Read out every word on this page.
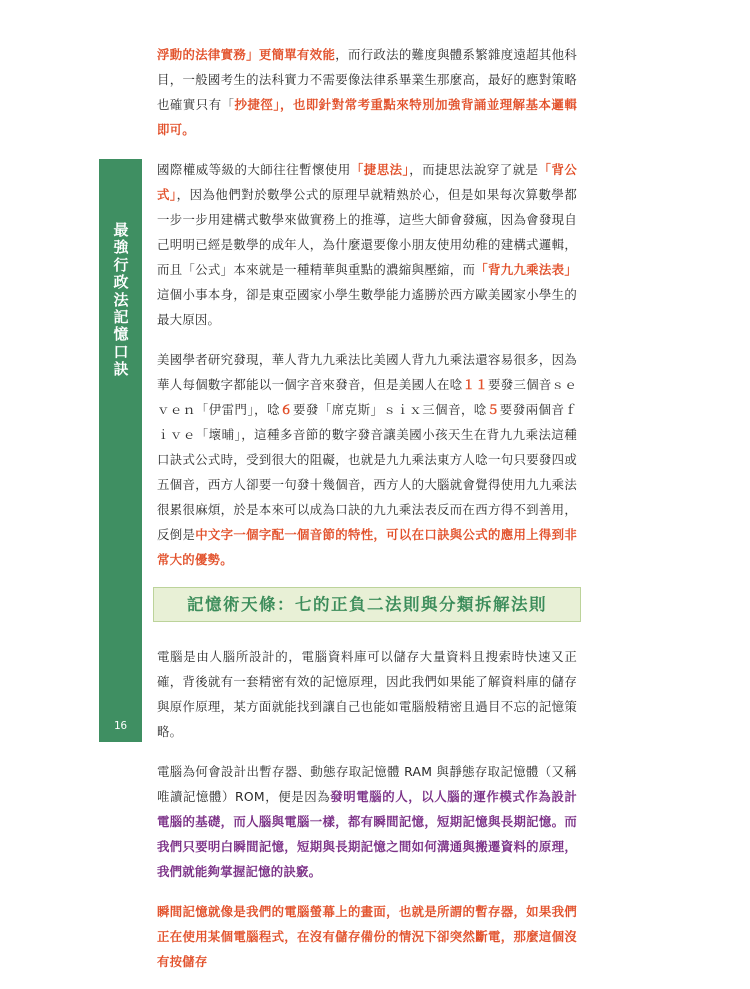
最強行政法記憶口訣
16

浮動的法律實務」更簡單有效能，而行政法的難度與體系繁雜度遠超其他科目，一般國考生的法科實力不需要像法律系畢業生那麼高，最好的應對策略也確實只有「抄捷徑」，也即針對常考重點來特別加強背誦並理解基本邏輯即可。

國際權威等級的大師往往暫懷使用「捷思法」，而捷思法說穿了就是「背公式」，因為他們對於數學公式的原理早就精熟於心，但是如果每次算數學都一步一步用建構式數學來做實務上的推導，這些大師會發瘋，因為會發現自己明明已經是數學的成年人，為什麼還要像小朋友使用幼稚的建構式邏輯，而且「公式」本來就是一種精華與重點的濃縮與壓縮，而「背九九乘法表」這個小事本身，卻是東亞國家小學生數學能力遙勝於西方歐美國家小學生的最大原因。

美國學者研究發現，華人背九九乘法比美國人背九九乘法還容易很多，因為華人每個數字都能以一個字音來發音，但是美國人在唸１１要發三個音ｓｅｖｅｎ「伊雷門」，唸６要發「席克斯」ｓｉｘ三個音，唸５要發兩個音ｆｉｖｅ「壞晡」，這種多音節的數字發音讓美國小孩天生在背九九乘法這種口訣式公式時，受到很大的阻礙，也就是九九乘法東方人唸一句只要發四或五個音，西方人卻要一句發十幾個音，西方人的大腦就會覺得使用九九乘法很累很麻煩，於是本來可以成為口訣的九九乘法表反而在西方得不到善用，反倒是中文字一個字配一個音節的特性，可以在口訣與公式的應用上得到非常大的優勢。

記憶術天條：七的正負二法則與分類拆解法則

電腦是由人腦所設計的，電腦資料庫可以儲存大量資料且搜索時快速又正確，背後就有一套精密有效的記憶原理，因此我們如果能了解資料庫的儲存與原作原理，某方面就能找到讓自己也能如電腦般精密且過目不忘的記憶策略。

電腦為何會設計出暫存器、動態存取記憶體 RAM 與靜態存取記憶體（又稱唯讀記憶體）ROM，便是因為發明電腦的人，以人腦的運作模式作為設計電腦的基礎，而人腦與電腦一樣，都有瞬間記憶，短期記憶與長期記憶。而我們只要明白瞬間記憶，短期與長期記憶之間如何溝通與搬遷資料的原理，我們就能夠掌握記憶的訣竅。

瞬間記憶就像是我們的電腦螢幕上的畫面，也就是所謂的暫存器，如果我們正在使用某個電腦程式，在沒有儲存備份的情況下卻突然斷電，那麼這個沒有按儲存
